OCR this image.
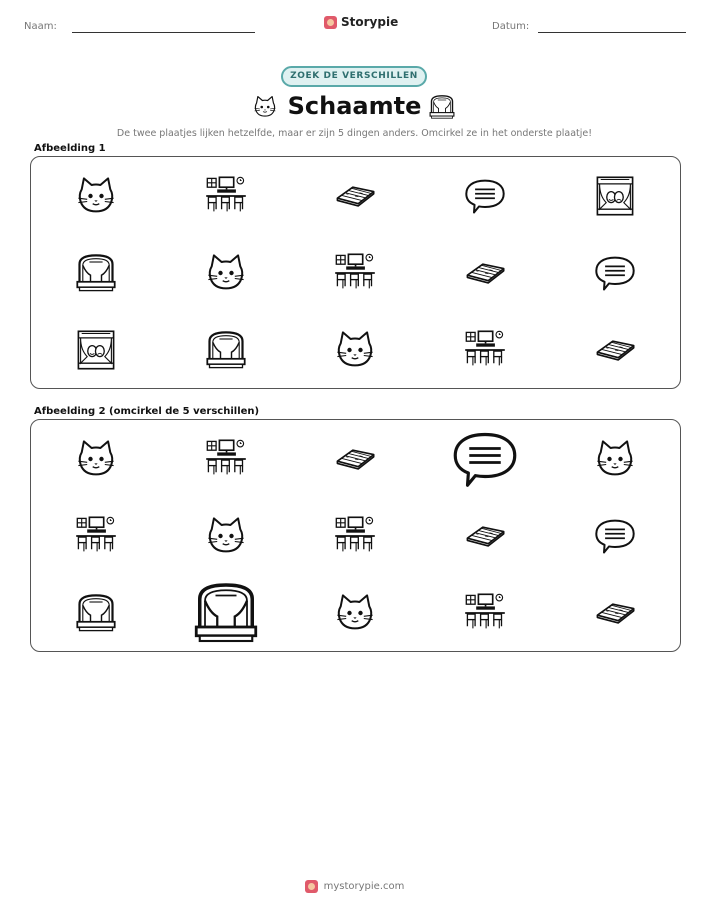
Naam:	Storypie	Datum:
ZOEK DE VERSCHILLEN
Schaamte
De twee plaatjes lijken hetzelfde, maar er zijn 5 dingen anders. Omcirkel ze in het onderste plaatje!
Afbeelding 1
Afbeelding 2 (omcirkel de 5 verschillen)
mystorypie.com
